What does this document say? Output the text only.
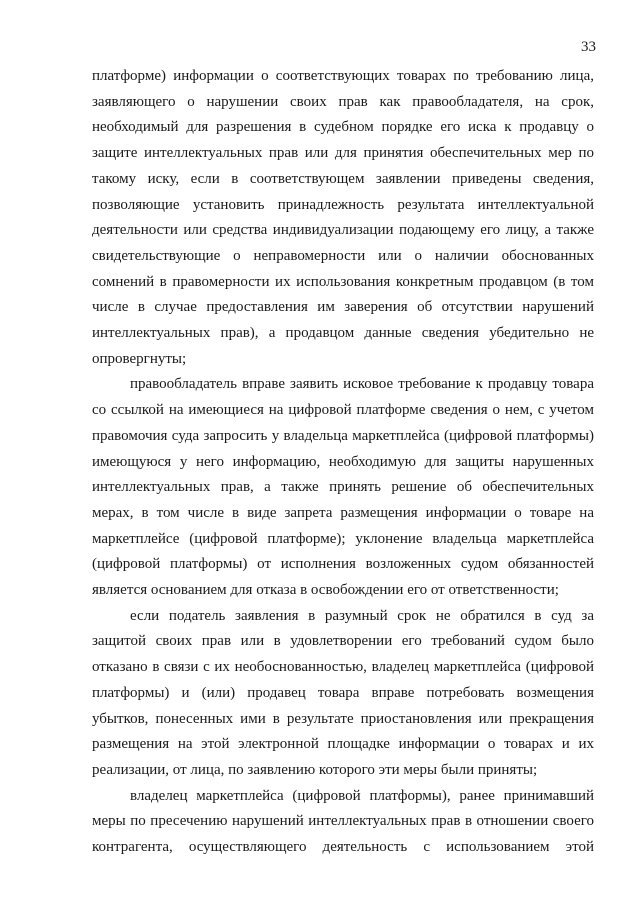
33
платформе) информации о соответствующих товарах по требованию лица,
заявляющего о нарушении своих прав как правообладателя, на срок,
необходимый для разрешения в судебном порядке его иска к продавцу о
защите интеллектуальных прав или для принятия обеспечительных мер по
такому иску, если в соответствующем заявлении приведены сведения,
позволяющие установить принадлежность результата интеллектуальной
деятельности или средства индивидуализации подающему его лицу, а также
свидетельствующие о неправомерности или о наличии обоснованных
сомнений в правомерности их использования конкретным продавцом (в том
числе в случае предоставления им заверения об отсутствии нарушений
интеллектуальных прав), а продавцом данные сведения убедительно не
опровергнуты;
правообладатель вправе заявить исковое требование к продавцу товара
со ссылкой на имеющиеся на цифровой платформе сведения о нем, с учетом
правомочия суда запросить у владельца маркетплейса (цифровой платформы)
имеющуюся у него информацию, необходимую для защиты нарушенных
интеллектуальных прав, а также принять решение об обеспечительных
мерах, в том числе в виде запрета размещения информации о товаре на
маркетплейсе (цифровой платформе); уклонение владельца маркетплейса
(цифровой платформы) от исполнения возложенных судом обязанностей
является основанием для отказа в освобождении его от ответственности;
если податель заявления в разумный срок не обратился в суд за
защитой своих прав или в удовлетворении его требований судом было
отказано в связи с их необоснованностью, владелец маркетплейса (цифровой
платформы) и (или) продавец товара вправе потребовать возмещения
убытков, понесенных ими в результате приостановления или прекращения
размещения на этой электронной площадке информации о товарах и их
реализации, от лица, по заявлению которого эти меры были приняты;
владелец маркетплейса (цифровой платформы), ранее принимавший
меры по пресечению нарушений интеллектуальных прав в отношении своего
контрагента, осуществляющего деятельность с использованием этой
